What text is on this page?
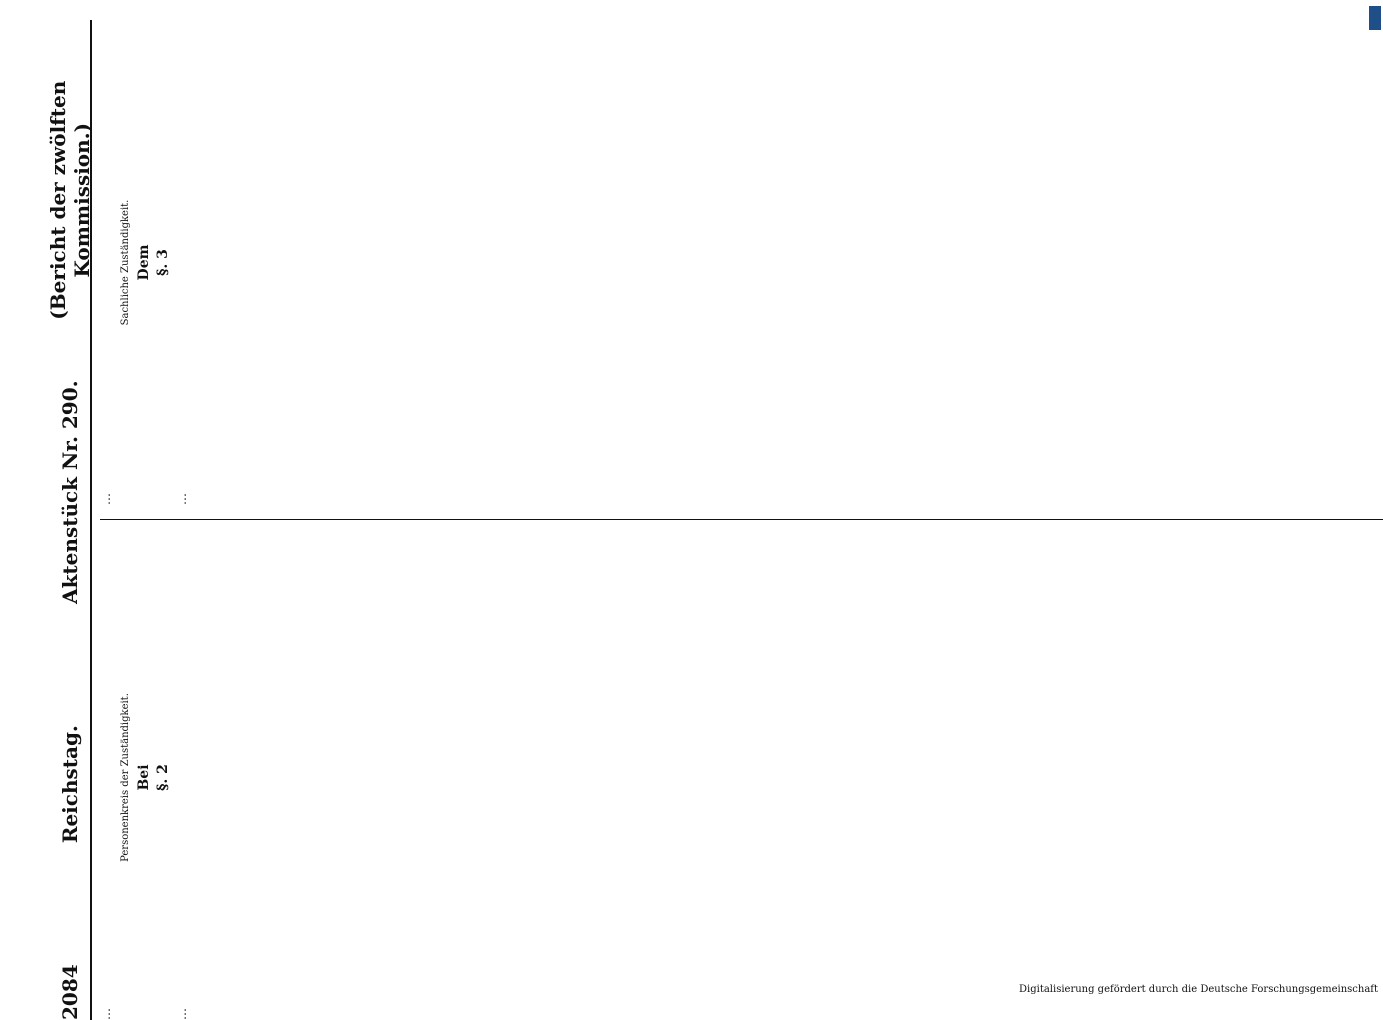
2084
Reichstag.
Aktenstück Nr. 290.
(Bericht der zwölften Kommission.)
…
Personenkreis der Zuständigkeit. Bei §. 2
…
…
Sachliche Zuständigkeit. Dem §. 3
…
Digitalisierung gefördert durch die Deutsche Forschungsgemeinschaft
